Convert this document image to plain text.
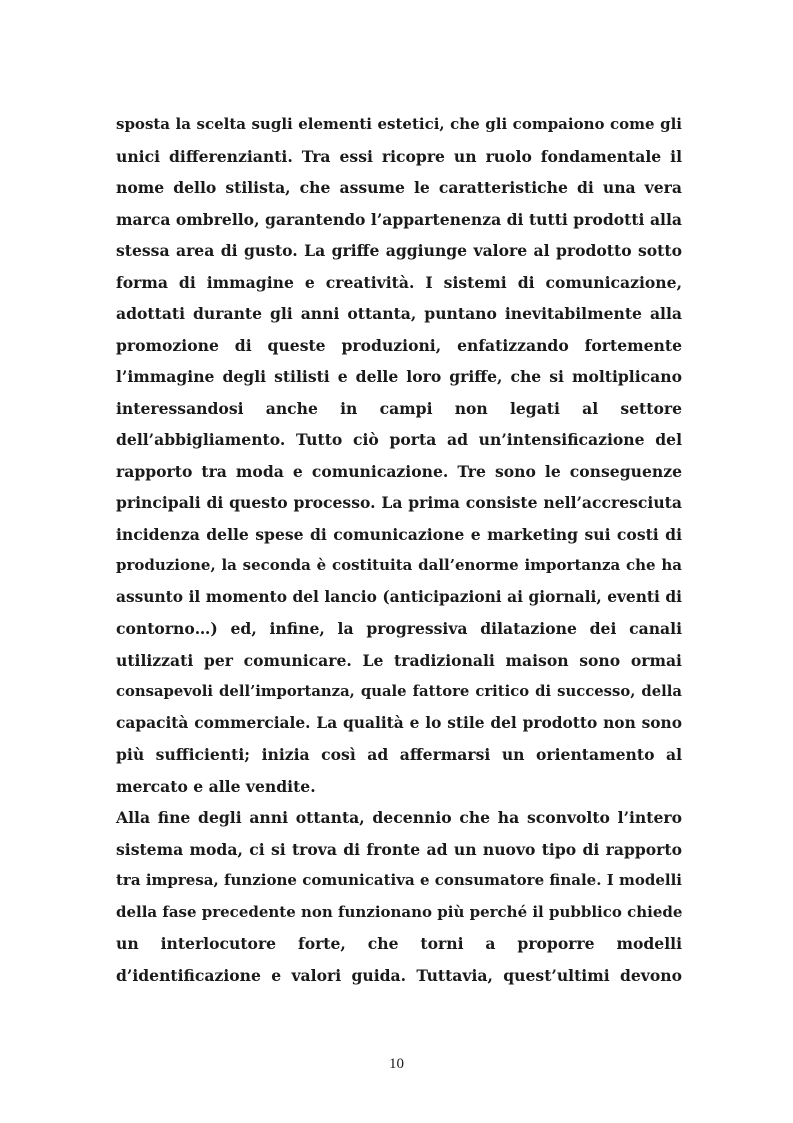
sposta la scelta sugli elementi estetici, che gli compaiono come gli
unici differenzianti. Tra essi ricopre un ruolo fondamentale il
nome dello stilista, che assume le caratteristiche di una vera
marca ombrello, garantendo l’appartenenza di tutti prodotti alla
stessa area di gusto. La griffe aggiunge valore al prodotto sotto
forma di immagine e creatività. I sistemi di comunicazione,
adottati durante gli anni ottanta, puntano inevitabilmente alla
promozione di queste produzioni, enfatizzando fortemente
l’immagine degli stilisti e delle loro griffe, che si moltiplicano
interessandosi anche in campi non legati al settore
dell’abbigliamento. Tutto ciò porta ad un’intensificazione del
rapporto tra moda e comunicazione. Tre sono le conseguenze
principali di questo processo. La prima consiste nell’accresciuta
incidenza delle spese di comunicazione e marketing sui costi di
produzione, la seconda è costituita dall’enorme importanza che ha
assunto il momento del lancio (anticipazioni ai giornali, eventi di
contorno…) ed, infine, la progressiva dilatazione dei canali
utilizzati per comunicare. Le tradizionali maison sono ormai
consapevoli dell’importanza, quale fattore critico di successo, della
capacità commerciale. La qualità e lo stile del prodotto non sono
più sufficienti; inizia così ad affermarsi un orientamento al
mercato e alle vendite.
Alla fine degli anni ottanta, decennio che ha sconvolto l’intero
sistema moda, ci si trova di fronte ad un nuovo tipo di rapporto
tra impresa, funzione comunicativa e consumatore finale. I modelli
della fase precedente non funzionano più perché il pubblico chiede
un interlocutore forte, che torni a proporre modelli
d’identificazione e valori guida. Tuttavia, quest’ultimi devono
10
